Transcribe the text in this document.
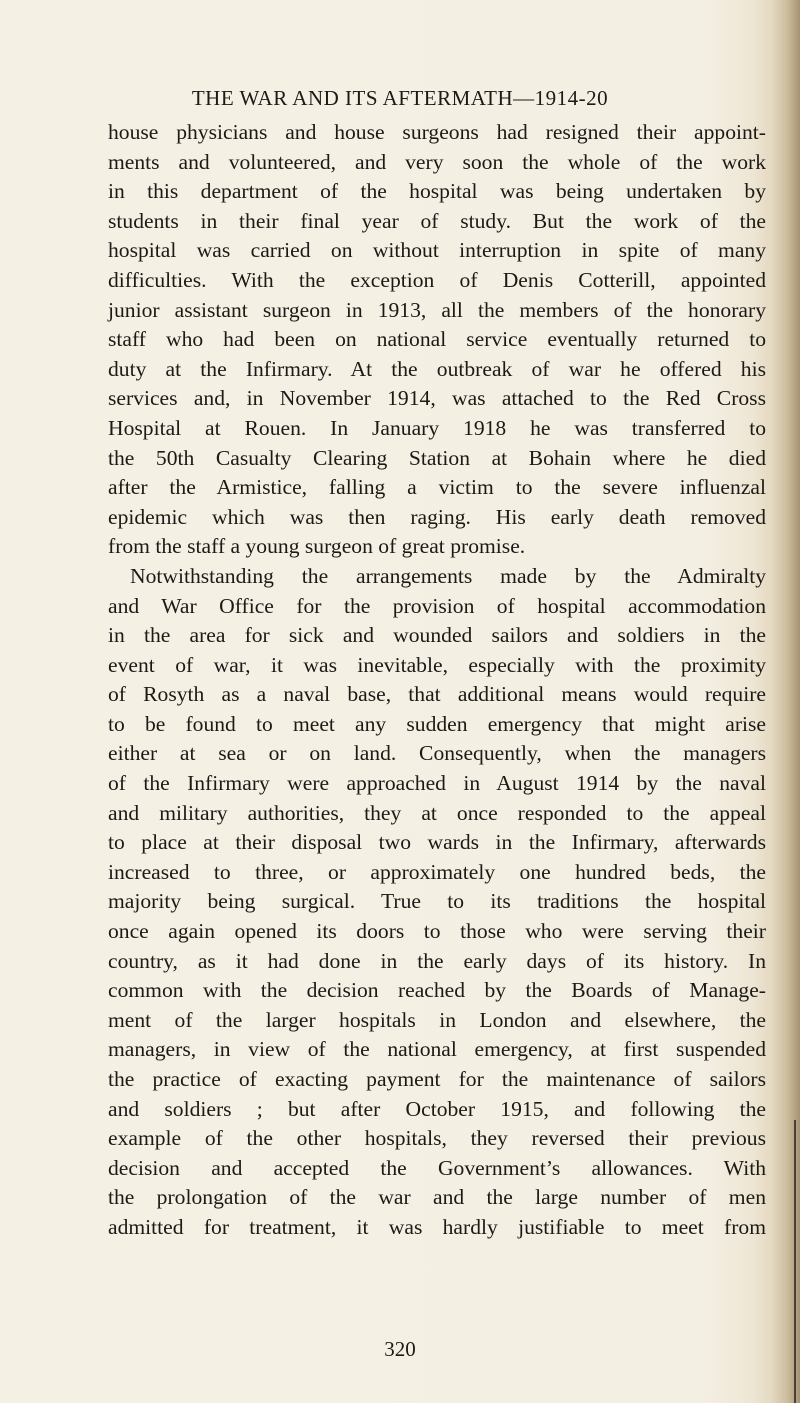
THE WAR AND ITS AFTERMATH—1914-20
house physicians and house surgeons had resigned their appoint-
ments and volunteered, and very soon the whole of the work
in this department of the hospital was being undertaken by
students in their final year of study. But the work of the
hospital was carried on without interruption in spite of many
difficulties. With the exception of Denis Cotterill, appointed
junior assistant surgeon in 1913, all the members of the honorary
staff who had been on national service eventually returned to
duty at the Infirmary. At the outbreak of war he offered his
services and, in November 1914, was attached to the Red Cross
Hospital at Rouen. In January 1918 he was transferred to
the 50th Casualty Clearing Station at Bohain where he died
after the Armistice, falling a victim to the severe influenzal
epidemic which was then raging. His early death removed
from the staff a young surgeon of great promise.
Notwithstanding the arrangements made by the Admiralty
and War Office for the provision of hospital accommodation
in the area for sick and wounded sailors and soldiers in the
event of war, it was inevitable, especially with the proximity
of Rosyth as a naval base, that additional means would require
to be found to meet any sudden emergency that might arise
either at sea or on land. Consequently, when the managers
of the Infirmary were approached in August 1914 by the naval
and military authorities, they at once responded to the appeal
to place at their disposal two wards in the Infirmary, afterwards
increased to three, or approximately one hundred beds, the
majority being surgical. True to its traditions the hospital
once again opened its doors to those who were serving their
country, as it had done in the early days of its history. In
common with the decision reached by the Boards of Manage-
ment of the larger hospitals in London and elsewhere, the
managers, in view of the national emergency, at first suspended
the practice of exacting payment for the maintenance of sailors
and soldiers ; but after October 1915, and following the
example of the other hospitals, they reversed their previous
decision and accepted the Government’s allowances. With
the prolongation of the war and the large number of men
admitted for treatment, it was hardly justifiable to meet from
320
